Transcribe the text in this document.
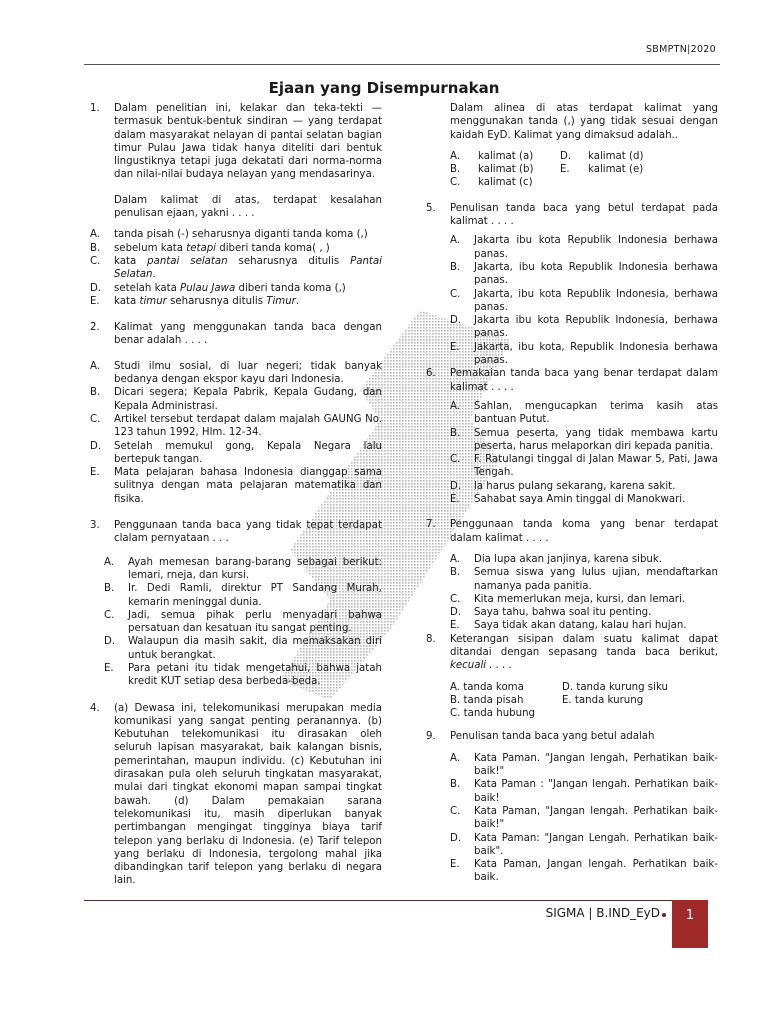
SBMPTN|2020
Ejaan yang Disempurnakan
1. Dalam penelitian ini, kelakar dan teka-tekti — termasuk bentuk-bentuk sindiran — yang terdapat dalam masyarakat nelayan di pantai selatan bagian timur Pulau Jawa tidak hanya diteliti dari bentuk lingustiknya tetapi juga dekatati dari norma-norma dan nilai-nilai budaya nelayan yang mendasarinya.

Dalam kalimat di atas, terdapat kesalahan penulisan ejaan, yakni . . . .

A. tanda pisah (-) seharusnya diganti tanda koma (,)
B. sebelum kata tetapi diberi tanda koma( , )
C. kata pantai selatan seharusnya ditulis Pantai Selatan.
D. setelah kata Pulau Jawa diberi tanda koma (,)
E. kata timur seharusnya ditulis Timur.
2. Kalimat yang menggunakan tanda baca dengan benar adalah . . . .

A. Studi ilmu sosial, di luar negeri; tidak banyak bedanya dengan ekspor kayu dari Indonesia.
B. Dicari segera; Kepala Pabrik, Kepala Gudang, dan Kepala Administrasi.
C. Artikel tersebut terdapat dalam majalah GAUNG No. 123 tahun 1992, Hlm. 12-34.
D. Setelah memukul gong, Kepala Negara lalu bertepuk tangan.
E. Mata pelajaran bahasa Indonesia dianggap sama sulitnya dengan mata pelajaran matematika dan fisika.
3. Penggunaan tanda baca yang tidak tepat terdapat clalam pernyataan . . .

A. Ayah memesan barang-barang sebagai berikut: lemari, rneja, dan kursi.
B. Ir. Dedi Ramli, direktur PT Sandang Murah, kemarin meninggal dunia.
C. Jadi, semua pihak perlu menyadari bahwa persatuan dan kesatuan itu sangat penting.
D. Walaupun dia masih sakit, dia memaksakan diri untuk berangkat.
E. Para petani itu tidak mengetahui, bahwa jatah kredit KUT setiap desa berbeda-beda.
4. (a) Dewasa ini, telekomunikasi merupakan media komunikasi yang sangat penting peranannya. (b) Kebutuhan telekomunikasi itu dirasakan oleh seluruh lapisan masyarakat, baik kalangan bisnis, pemerintahan, maupun individu. (c) Kebutuhan ini dirasakan pula oleh seluruh tingkatan masyarakat, mulai dari tingkat ekonomi mapan sampai tingkat bawah. (d) Dalam pemakaian sarana telekomunikasi itu, masih diperlukan banyak pertimbangan mengingat tingginya biaya tarif telepon yang berlaku di Indonesia. (e) Tarif telepon yang berlaku di Indonesia, tergolong mahal jika dibandingkan tarif telepon yang berlaku di negara lain.

Dalam alinea di atas terdapat kalimat yang menggunakan tanda (,) yang tidak sesuai dengan kaidah EyD. Kalimat yang dimaksud adalah..

A. kalimat (a)	D. kalimat (d)
B. kalimat (b)	E. kalimat (e)
C. kalimat (c)
5. Penulisan tanda baca yang betul terdapat pada kalimat . . . .

A. Jakarta ibu kota Republik Indonesia berhawa panas.
B. Jakarta, ibu kota Republik Indonesia berhawa panas.
C. Jakarta, ibu kota Republik Indonesia, berhawa panas.
D. Jakarta ibu kota Republik Indonesia, berhawa panas.
E. Jakarta, ibu kota, Republik Indonesia berhawa panas.
6. Pemakaian tanda baca yang benar terdapat dalam kalimat . . . .

A. Sahlan, mengucapkan terima kasih atas bantuan Putut.
B. Semua peserta, yang tidak membawa kartu peserta, harus melaporkan diri kepada panitia.
C. F. Ratulangi tinggal di Jalan Mawar 5, Pati, Jawa Tengah.
D. la harus pulang sekarang, karena sakit.
E. Sahabat saya Amin tinggal di Manokwari.
7. Penggunaan tanda koma yang benar terdapat dalam kalimat . . . .

A. Dia lupa akan janjinya, karena sibuk.
B. Semua siswa yang lulus ujian, mendaftarkan namanya pada panitia.
C. Kita memerlukan meja, kursi, dan lemari.
D. Saya tahu, bahwa soal itu penting.
E. Saya tidak akan datang, kalau hari hujan.
8. Keterangan sisipan dalam suatu kalimat dapat ditandai dengan sepasang tanda baca berikut, kecuali . . . .

A. tanda koma	D. tanda kurung siku
B. tanda pisah	E. tanda kurung
C. tanda hubung
9. Penulisan tanda baca yang betul adalah

A. Kata Paman. "Jangan lengah, Perhatikan baik-baik!"
B. Kata Paman : "Jangan lengah. Perhatikan baik-baik!
C. Kata Paman, "Jangan lengah. Perhatikan baik-baik!"
D. Kata Paman: "Jangan Lengah. Perhatikan baik-baik".
E. Kata Paman, Jangan lengah. Perhatikan baik-baik.
SIGMA | B.IND_EyD	1
